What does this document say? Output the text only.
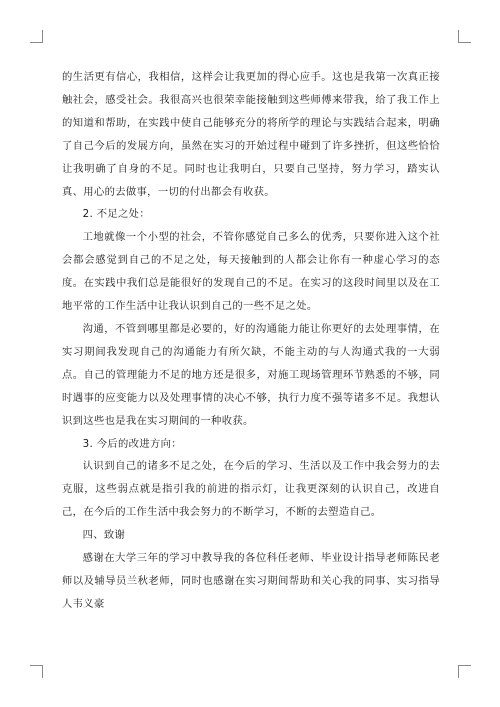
的生活更有信心，我相信，这样会让我更加的得心应手。这也是我第一次真正接触社会，感受社会。我很高兴也很荣幸能接触到这些师傅来带我，给了我工作上的知道和帮助，在实践中使自己能够充分的将所学的理论与实践结合起来，明确了自己今后的发展方向，虽然在实习的开始过程中碰到了许多挫折，但这些恰恰让我明确了自身的不足。同时也让我明白，只要自己坚持，努力学习，踏实认真、用心的去做事，一切的付出都会有收获。

2. 不足之处：

工地就像一个小型的社会，不管你感觉自己多么的优秀，只要你进入这个社会都会感觉到自己的不足之处，每天接触到的人都会让你有一种虚心学习的态度。在实践中我们总是能很好的发现自己的不足。在实习的这段时间里以及在工地平常的工作生活中让我认识到自己的一些不足之处。

沟通，不管到哪里都是必要的，好的沟通能力能让你更好的去处理事情，在实习期间我发现自己的沟通能力有所欠缺，不能主动的与人沟通式我的一大弱点。自己的管理能力不足的地方还是很多，对施工现场管理环节熟悉的不够，同时遇事的应变能力以及处理事情的决心不够，执行力度不强等诸多不足。我想认识到这些也是我在实习期间的一种收获。

3. 今后的改进方向：

认识到自己的诸多不足之处，在今后的学习、生活以及工作中我会努力的去克服，这些弱点就是指引我的前进的指示灯，让我更深刻的认识自己，改进自己，在今后的工作生活中我会努力的不断学习，不断的去塑造自己。

四、致谢

感谢在大学三年的学习中教导我的各位科任老师、毕业设计指导老师陈民老师以及辅导员兰秋老师，同时也感谢在实习期间帮助和关心我的同事、实习指导人韦义豪
